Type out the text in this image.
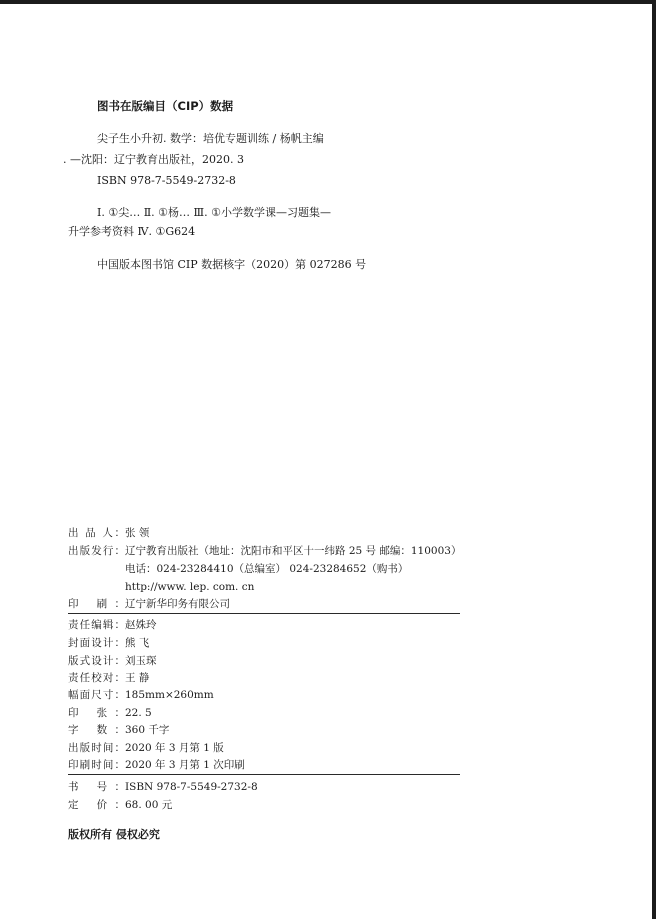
图书在版编目（CIP）数据
尖子生小升初. 数学：培优专题训练 / 杨帆主编
. —沈阳：辽宁教育出版社，2020. 3
ISBN 978-7-5549-2732-8
Ⅰ. ①尖… Ⅱ. ①杨… Ⅲ. ①小学数学课—习题集—
升学参考资料 Ⅳ. ①G624
中国版本图书馆 CIP 数据核字（2020）第 027286 号
出 品 人 ： 张 领
出版发行 ： 辽宁教育出版社（地址：沈阳市和平区十一纬路 25 号 邮编：110003）
电话：024-23284410（总编室） 024-23284652（购书）
http://www. lep. com. cn
印 刷 ： 辽宁新华印务有限公司
责任编辑 ： 赵姝玲
封面设计 ： 熊 飞
版式设计 ： 刘玉琛
责任校对 ： 王 静
幅面尺寸 ： 185mm×260mm
印 张 ： 22. 5
字 数 ： 360 千字
出版时间 ： 2020 年 3 月第 1 版
印刷时间 ： 2020 年 3 月第 1 次印刷
书 号 ： ISBN 978-7-5549-2732-8
定 价 ： 68. 00 元
版权所有 侵权必究
